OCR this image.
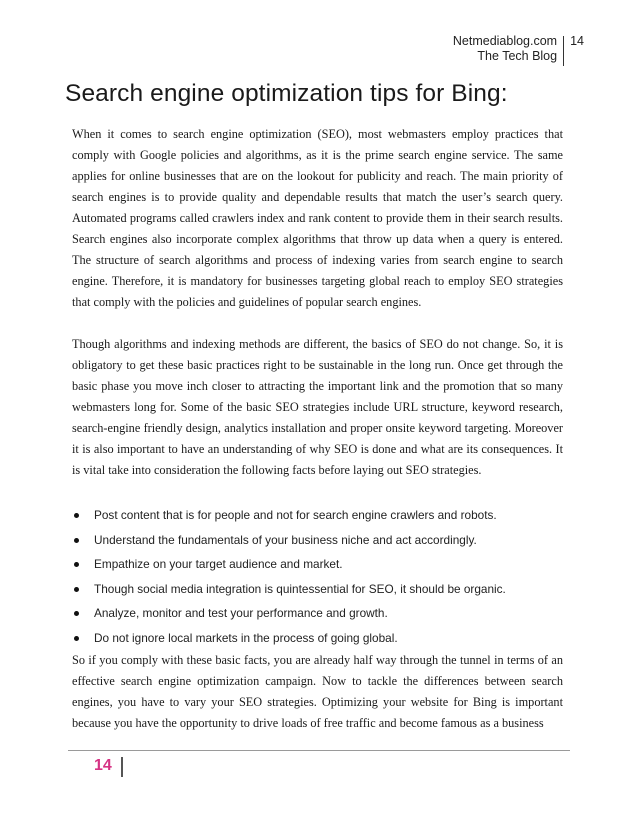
Netmediablog.com
The Tech Blog
14
Search engine optimization tips for Bing:

When it comes to search engine optimization (SEO), most webmasters employ practices that comply with Google policies and algorithms, as it is the prime search engine service. The same applies for online businesses that are on the lookout for publicity and reach. The main priority of search engines is to provide quality and dependable results that match the user’s search query. Automated programs called crawlers index and rank content to provide them in their search results. Search engines also incorporate complex algorithms that throw up data when a query is entered. The structure of search algorithms and process of indexing varies from search engine to search engine. Therefore, it is mandatory for businesses targeting global reach to employ SEO strategies that comply with the policies and guidelines of popular search engines.

Though algorithms and indexing methods are different, the basics of SEO do not change. So, it is obligatory to get these basic practices right to be sustainable in the long run. Once get through the basic phase you move inch closer to attracting the important link and the promotion that so many webmasters long for. Some of the basic SEO strategies include URL structure, keyword research, search-engine friendly design, analytics installation and proper onsite keyword targeting. Moreover it is also important to have an understanding of why SEO is done and what are its consequences. It is vital take into consideration the following facts before laying out SEO strategies.

Post content that is for people and not for search engine crawlers and robots.
Understand the fundamentals of your business niche and act accordingly.
Empathize on your target audience and market.
Though social media integration is quintessential for SEO, it should be organic.
Analyze, monitor and test your performance and growth.
Do not ignore local markets in the process of going global.

So if you comply with these basic facts, you are already half way through the tunnel in terms of an effective search engine optimization campaign. Now to tackle the differences between search engines, you have to vary your SEO strategies. Optimizing your website for Bing is important because you have the opportunity to drive loads of free traffic and become famous as a business

14
